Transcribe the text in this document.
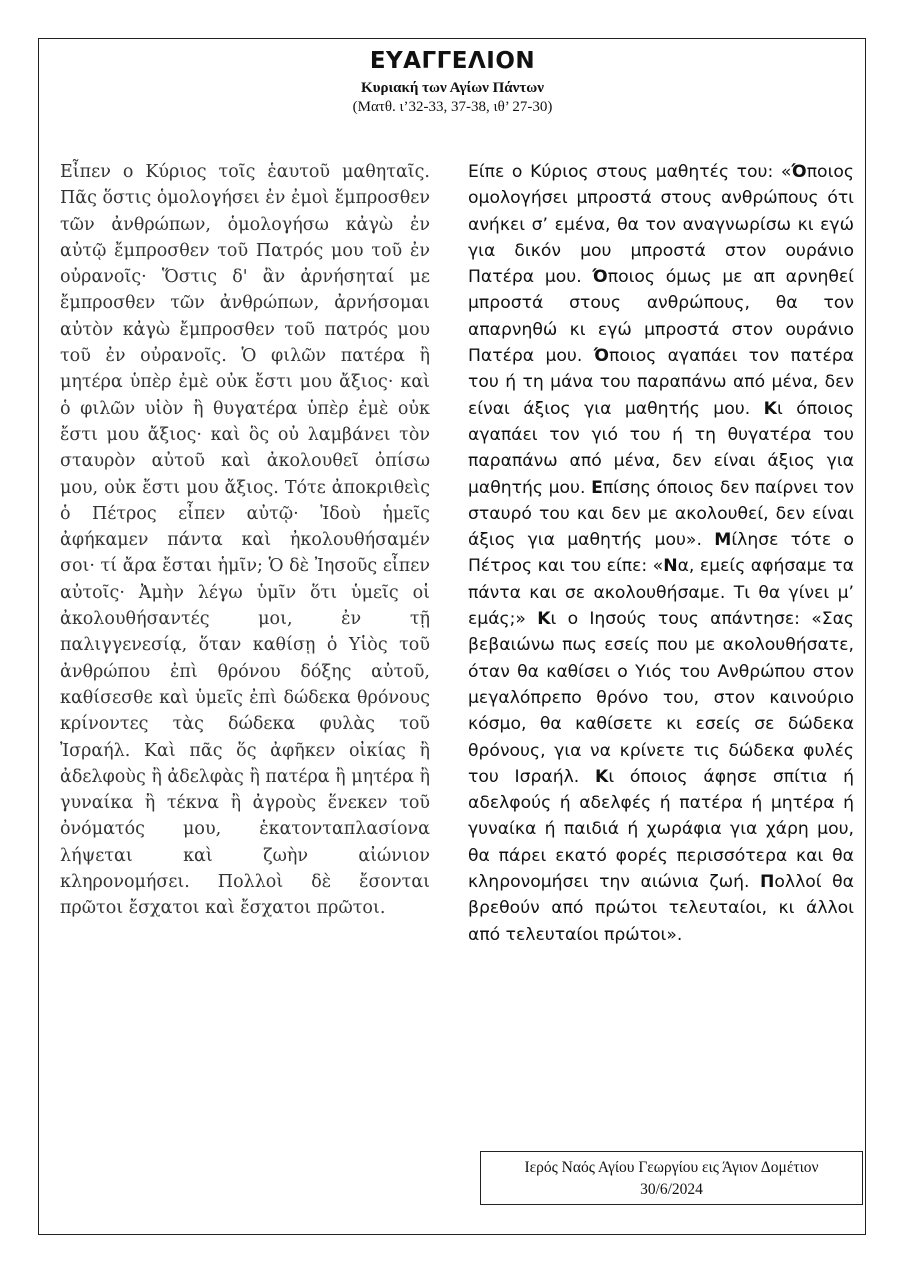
ΕΥΑΓΓΕΛΙΟΝ
Κυριακή των Αγίων Πάντων
(Ματθ. ι’32-33, 37-38, ιθ’ 27-30)

Εἶπεν ο Κύριος τοῖς ἑαυτοῦ μαθηταῖς. Πᾶς ὅστις ὁμολογήσει ἐν ἐμοὶ ἔμπροσθεν τῶν ἀνθρώπων, ὁμολογήσω κἀγὼ ἐν αὐτῷ ἔμπροσθεν τοῦ Πατρός μου τοῦ ἐν οὐρανοῖς· Ὅστις δ' ἂν ἀρνήσηταί με ἔμπροσθεν τῶν ἀνθρώπων, ἀρνήσομαι αὐτὸν κἀγὼ ἔμπροσθεν τοῦ πατρός μου τοῦ ἐν οὐρανοῖς. Ὁ φιλῶν πατέρα ἢ μητέρα ὑπὲρ ἐμὲ οὐκ ἔστι μου ἄξιος· καὶ ὁ φιλῶν υἱὸν ἢ θυγατέρα ὑπὲρ ἐμὲ οὐκ ἔστι μου ἄξιος· καὶ ὃς οὐ λαμβάνει τὸν σταυρὸν αὐτοῦ καὶ ἀκολουθεῖ ὀπίσω μου, οὐκ ἔστι μου ἄξιος. Τότε ἀποκριθεὶς ὁ Πέτρος εἶπεν αὐτῷ· Ἰδοὺ ἡμεῖς ἀφήκαμεν πάντα καὶ ἠκολουθήσαμέν σοι· τί ἄρα ἔσται ἡμῖν; Ὁ δὲ Ἰησοῦς εἶπεν αὐτοῖς· Ἀμὴν λέγω ὑμῖν ὅτι ὑμεῖς οἱ ἀκολουθήσαντές μοι, ἐν τῇ παλιγγενεσίᾳ, ὅταν καθίσῃ ὁ Υἱὸς τοῦ ἀνθρώπου ἐπὶ θρόνου δόξης αὐτοῦ, καθίσεσθε καὶ ὑμεῖς ἐπὶ δώδεκα θρόνους κρίνοντες τὰς δώδεκα φυλὰς τοῦ Ἰσραήλ. Καὶ πᾶς ὅς ἀφῆκεν οἰκίας ἢ ἀδελφοὺς ἢ ἀδελφὰς ἢ πατέρα ἢ μητέρα ἢ γυναίκα ἢ τέκνα ἢ ἀγροὺς ἕνεκεν τοῦ ὀνόματός μου, ἑκατονταπλασίονα λήψεται καὶ ζωὴν αἰώνιον κληρονομήσει. Πολλοὶ δὲ ἔσονται πρῶτοι ἔσχατοι καὶ ἔσχατοι πρῶτοι.

Είπε ο Κύριος στους μαθητές του: «Όποιος ομολογήσει μπροστά στους ανθρώπους ότι ανήκει σ’ εμένα, θα τον αναγνωρίσω κι εγώ για δικόν μου μπροστά στον ουράνιο Πατέρα μου. Όποιος όμως με απ αρνηθεί μπροστά στους ανθρώπους, θα τον απαρνηθώ κι εγώ μπροστά στον ουράνιο Πατέρα μου. Όποιος αγαπάει τον πατέρα του ή τη μάνα του παραπάνω από μένα, δεν είναι άξιος για μαθητής μου. Κι όποιος αγαπάει τον γιό του ή τη θυγατέρα του παραπάνω από μένα, δεν είναι άξιος για μαθητής μου. Επίσης όποιος δεν παίρνει τον σταυρό του και δεν με ακολουθεί, δεν είναι άξιος για μαθητής μου». Μίλησε τότε ο Πέτρος και του είπε: «Να, εμείς αφήσαμε τα πάντα και σε ακολουθήσαμε. Τι θα γίνει μ’ εμάς;» Κι ο Ιησούς τους απάντησε: «Σας βεβαιώνω πως εσείς που με ακολουθήσατε, όταν θα καθίσει ο Υιός του Ανθρώπου στον μεγαλόπρεπο θρόνο του, στον καινούριο κόσμο, θα καθίσετε κι εσείς σε δώδεκα θρόνους, για να κρίνετε τις δώδεκα φυλές του Ισραήλ. Κι όποιος άφησε σπίτια ή αδελφούς ή αδελφές ή πατέρα ή μητέρα ή γυναίκα ή παιδιά ή χωράφια για χάρη μου, θα πάρει εκατό φορές περισσότερα και θα κληρονομήσει την αιώνια ζωή. Πολλοί θα βρεθούν από πρώτοι τελευταίοι, κι άλλοι από τελευταίοι πρώτοι».

Ιερός Ναός Αγίου Γεωργίου εις Άγιον Δομέτιον
30/6/2024
